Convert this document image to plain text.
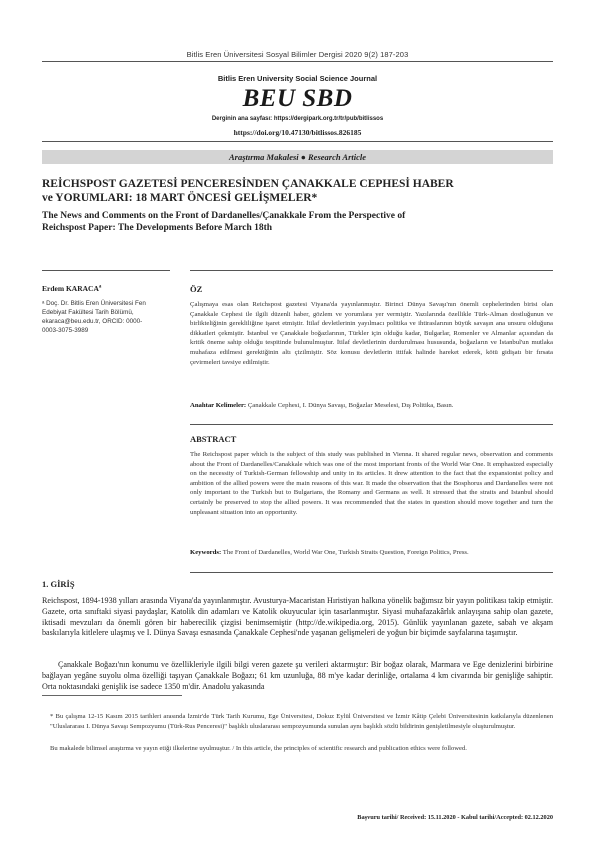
Bitlis Eren Üniversitesi Sosyal Bilimler Dergisi 2020 9(2) 187-203
Bitlis Eren University Social Science Journal
BEU SBD
Derginin ana sayfası: https://dergipark.org.tr/tr/pub/bitlissos
https://doi.org/10.47130/bitlissos.826185
Araştırma Makalesi ● Research Article
REİCHSPOST GAZETESİ PENCERESİNDEN ÇANAKKALE CEPHESİ HABER
ve YORUMLARI: 18 MART ÖNCESİ GELİŞMELER*
The News and Comments on the Front of Dardanelles/Çanakkale From the Perspective of
Reichspost Paper: The Developments Before March 18th
Erdem KARACA$^a$
ᵃ Doç. Dr. Bitlis Eren Üniversitesi Fen
Edebiyat Fakültesi Tarih Bölümü,
ekaraca@beu.edu.tr, ORCID: 0000-
0003-3075-3989
ÖZ
Çalışmaya esas olan Reichspost gazetesi Viyana'da yayınlanmıştır. Birinci Dünya Savaşı'nın önemli cephelerinden birisi olan Çanakkale Cephesi ile ilgili düzenli haber, gözlem ve yorumlara yer vermiştir. Yazılarında özellikle Türk-Alman dostluğunun ve birlikteliğinin gerekliliğine işaret etmiştir. İtilaf devletlerinin yayılmacı politika ve ihtiraslarının büyük savaşın ana unsuru olduğuna dikkatleri çekmiştir. İstanbul ve Çanakkale boğazlarının, Türkler için olduğu kadar, Bulgarlar, Romenler ve Almanlar açısından da kritik öneme sahip olduğu tespitinde bulunulmuştur. İtilaf devletlerinin durdurulması hususunda, boğazların ve İstanbul'un mutlaka muhafaza edilmesi gerektiğinin altı çizilmiştir. Söz konusu devletlerin ittifak halinde hareket ederek, kötü gidişatı bir fırsata çevirmeleri tavsiye edilmiştir.
Anahtar Kelimeler: Çanakkale Cephesi, I. Dünya Savaşı, Boğazlar Meselesi, Dış Politika, Basın.
ABSTRACT
The Reichspost paper which is the subject of this study was published in Vienna. It shared regular news, observation and comments about the Front of Dardanelles/Canakkale which was one of the most important fronts of the World War One. It emphasized especially on the necessity of Turkish-German fellowship and unity in its articles. It drew attention to the fact that the expansionist policy and ambition of the allied powers were the main reasons of this war. It made the observation that the Bosphorus and Dardanelles were not only important to the Turkish but to Bulgarians, the Romany and Germans as well. It stressed that the straits and Istanbul should certainly be preserved to stop the allied powers. It was recommended that the states in question should move together and turn the unpleasant situation into an opportunity.
Keywords: The Front of Dardanelles, World War One, Turkish Straits Question, Foreign Politics, Press.
1. GİRİŞ
Reichspost, 1894-1938 yılları arasında Viyana'da yayınlanmıştır. Avusturya-Macaristan Hıristiyan halkına yönelik bağımsız bir yayın politikası takip etmiştir. Gazete, orta sınıftaki siyasi paydaşlar, Katolik din adamları ve Katolik okuyucular için tasarlanmıştır. Siyasi muhafazakârlık anlayışına sahip olan gazete, iktisadi mevzuları da önemli gören bir haberecilik çizgisi benimsemiştir (http://de.wikipedia.org, 2015). Günlük yayınlanan gazete, sabah ve akşam baskılarıyla kitlelere ulaşmış ve I. Dünya Savaşı esnasında Çanakkale Cephesi'nde yaşanan gelişmeleri de yoğun bir biçimde sayfalarına taşımıştır.
Çanakkale Boğazı'nın konumu ve özellikleriyle ilgili bilgi veren gazete şu verileri aktarmıştır: Bir boğaz olarak, Marmara ve Ege denizlerini birbirine bağlayan yegâne suyolu olma özelliği taşıyan Çanakkale Boğazı; 61 km uzunluğa, 88 m'ye kadar derinliğe, ortalama 4 km civarında bir genişliğe sahiptir. Orta noktasındaki genişlik ise sadece 1350 m'dir. Anadolu yakasında
* Bu çalışma 12-15 Kasım 2015 tarihleri arasında İzmir'de Türk Tarih Kurumu, Ege Üniversitesi, Dokuz Eylül Üniversitesi ve İzmir Kâtip Çelebi Üniversitesinin katkılarıyla düzenlenen "Uluslararası I. Dünya Savaşı Sempozyumu (Türk-Rus Penceresi)" başlıklı uluslararası sempozyumunda sunulan aynı başlıklı sözlü bildirinin genişletilmesiyle oluşturulmuştur.
Bu makalede bilimsel araştırma ve yayın etiği ilkelerine uyulmuştur. / In this article, the principles of scientific research and publication ethics were followed.
Başvuru tarihi/ Received: 15.11.2020 - Kabul tarihi/Accepted: 02.12.2020
